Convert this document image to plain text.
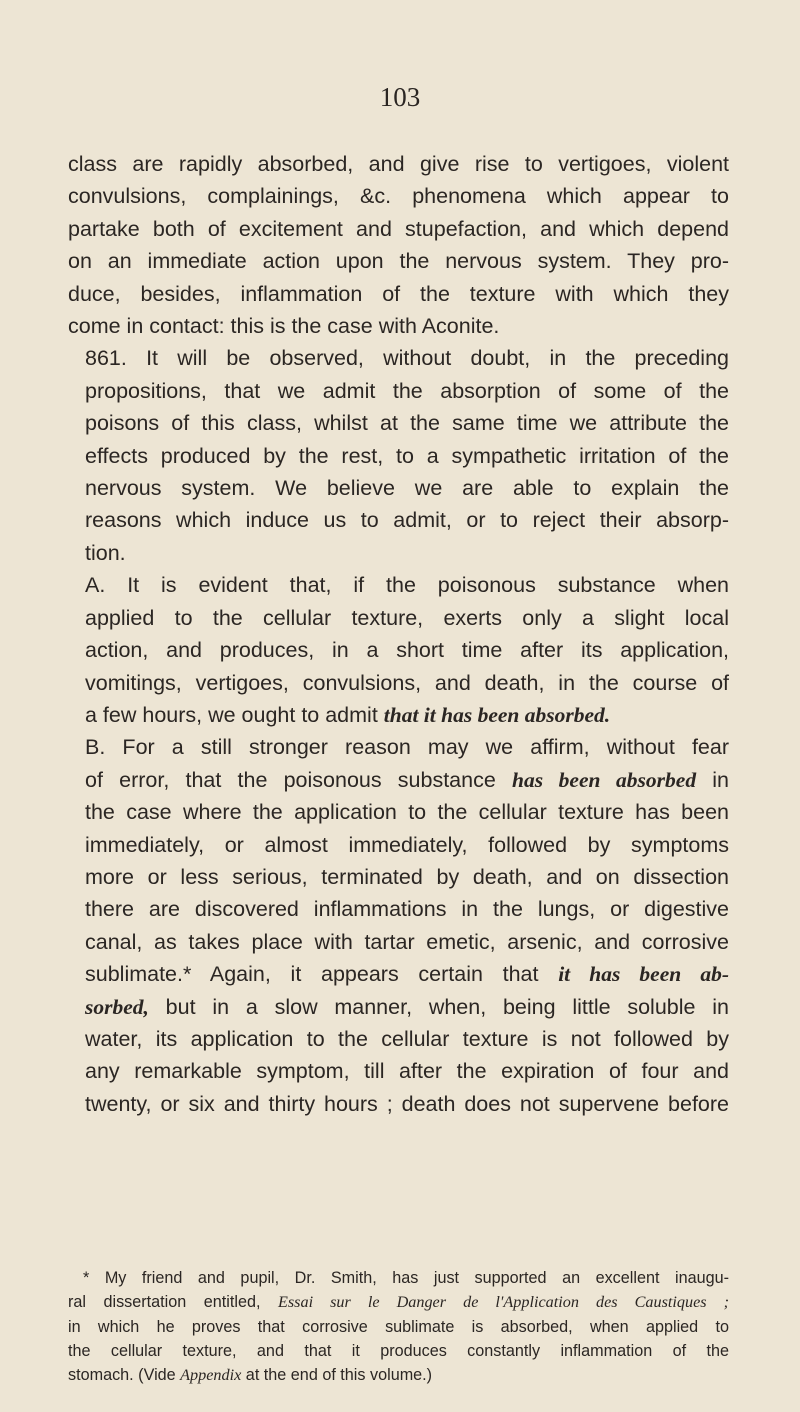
103

class are rapidly absorbed, and give rise to vertigoes, violent
convulsions, complainings, &c. phenomena which appear to
partake both of excitement and stupefaction, and which depend
on an immediate action upon the nervous system. They pro-
duce, besides, inflammation of the texture with which they
come in contact: this is the case with Aconite.

861. It will be observed, without doubt, in the preceding
propositions, that we admit the absorption of some of the
poisons of this class, whilst at the same time we attribute the
effects produced by the rest, to a sympathetic irritation of the
nervous system. We believe we are able to explain the
reasons which induce us to admit, or to reject their absorp-
tion.

A. It is evident that, if the poisonous substance when
applied to the cellular texture, exerts only a slight local
action, and produces, in a short time after its application,
vomitings, vertigoes, convulsions, and death, in the course of
a few hours, we ought to admit that it has been absorbed.

B. For a still stronger reason may we affirm, without fear
of error, that the poisonous substance has been absorbed in
the case where the application to the cellular texture has been
immediately, or almost immediately, followed by symptoms
more or less serious, terminated by death, and on dissection
there are discovered inflammations in the lungs, or digestive
canal, as takes place with tartar emetic, arsenic, and corrosive
sublimate.* Again, it appears certain that it has been ab-
sorbed, but in a slow manner, when, being little soluble in
water, its application to the cellular texture is not followed by
any remarkable symptom, till after the expiration of four and
twenty, or six and thirty hours ; death does not supervene before

* My friend and pupil, Dr. Smith, has just supported an excellent inaugu-
ral dissertation entitled, Essai sur le Danger de l'Application des Caustiques ;
in which he proves that corrosive sublimate is absorbed, when applied to
the cellular texture, and that it produces constantly inflammation of the
stomach. (Vide Appendix at the end of this volume.)
